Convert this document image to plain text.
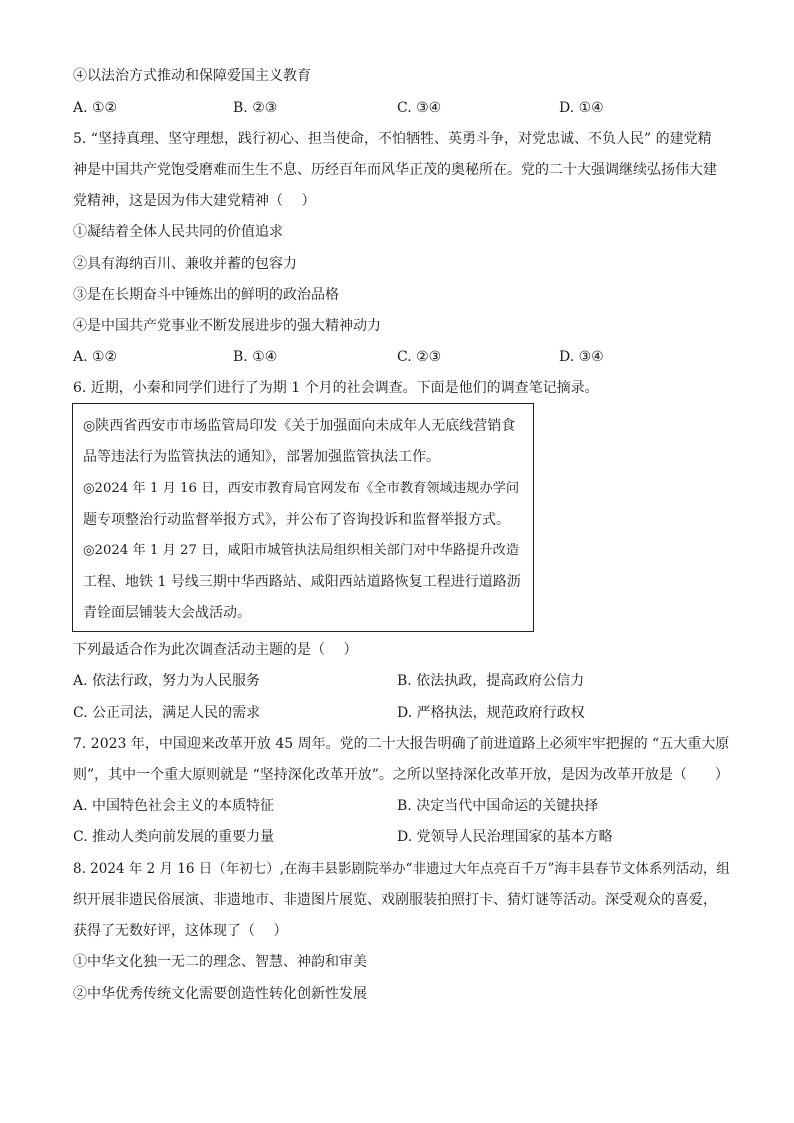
④以法治方式推动和保障爱国主义教育
A. ①②	B. ②③	C. ③④	D. ①④
5. “坚持真理、坚守理想，践行初心、担当使命，不怕牺牲、英勇斗争，对党忠诚、不负人民” 的建党精
神是中国共产党饱受磨难而生生不息、历经百年而风华正茂的奥秘所在。党的二十大强调继续弘扬伟大建
党精神，这是因为伟大建党精神（　 ）
①凝结着全体人民共同的价值追求
②具有海纳百川、兼收并蓄的包容力
③是在长期奋斗中锤炼出的鲜明的政治品格
④是中国共产党事业不断发展进步的强大精神动力
A. ①②	B. ①④	C. ②③	D. ③④
6. 近期，小秦和同学们进行了为期 1 个月的社会调查。下面是他们的调查笔记摘录。
◎陕西省西安市市场监管局印发《关于加强面向未成年人无底线营销食
品等违法行为监管执法的通知》，部署加强监管执法工作。
◎2024 年 1 月 16 日，西安市教育局官网发布《全市教育领域违规办学问
题专项整治行动监督举报方式》，并公布了咨询投诉和监督举报方式。
◎2024 年 1 月 27 日，咸阳市城管执法局组织相关部门对中华路提升改造
工程、地铁 1 号线三期中华西路站、咸阳西站道路恢复工程进行道路沥
青铨面层铺装大会战活动。
下列最适合作为此次调查活动主题的是（　 ）
A. 依法行政，努力为人民服务	B. 依法执政，提高政府公信力
C. 公正司法，满足人民的需求	D. 严格执法，规范政府行政权
7. 2023 年，中国迎来改革开放 45 周年。党的二十大报告明确了前进道路上必须牢牢把握的 “五大重大原
则”，其中一个重大原则就是 “坚持深化改革开放”。之所以坚持深化改革开放，是因为改革开放是（　　）
A. 中国特色社会主义的本质特征	B. 决定当代中国命运的关键抉择
C. 推动人类向前发展的重要力量	D. 党领导人民治理国家的基本方略
8. 2024 年 2 月 16 日（年初七）,在海丰县影剧院举办“非遗过大年点亮百千万”海丰县春节文体系列活动，组
织开展非遗民俗展演、非遗地市、非遗图片展览、戏剧服装拍照打卡、猜灯谜等活动。深受观众的喜爱，
获得了无数好评，这体现了（　 ）
①中华文化独一无二的理念、智慧、神韵和审美
②中华优秀传统文化需要创造性转化创新性发展
